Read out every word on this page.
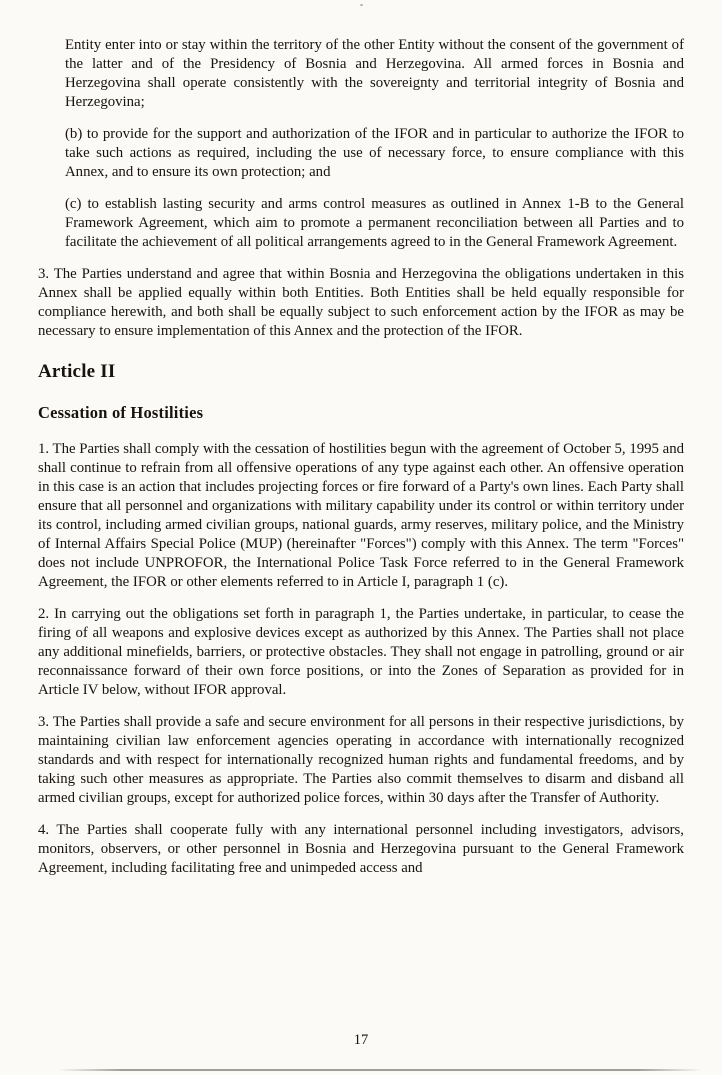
Entity enter into or stay within the territory of the other Entity without the consent of the government of the latter and of the Presidency of Bosnia and Herzegovina. All armed forces in Bosnia and Herzegovina shall operate consistently with the sovereignty and territorial integrity of Bosnia and Herzegovina;

(b) to provide for the support and authorization of the IFOR and in particular to authorize the IFOR to take such actions as required, including the use of necessary force, to ensure compliance with this Annex, and to ensure its own protection; and

(c) to establish lasting security and arms control measures as outlined in Annex 1-B to the General Framework Agreement, which aim to promote a permanent reconciliation between all Parties and to facilitate the achievement of all political arrangements agreed to in the General Framework Agreement.

3. The Parties understand and agree that within Bosnia and Herzegovina the obligations undertaken in this Annex shall be applied equally within both Entities. Both Entities shall be held equally responsible for compliance herewith, and both shall be equally subject to such enforcement action by the IFOR as may be necessary to ensure implementation of this Annex and the protection of the IFOR.

Article II
Cessation of Hostilities

1. The Parties shall comply with the cessation of hostilities begun with the agreement of October 5, 1995 and shall continue to refrain from all offensive operations of any type against each other. An offensive operation in this case is an action that includes projecting forces or fire forward of a Party's own lines. Each Party shall ensure that all personnel and organizations with military capability under its control or within territory under its control, including armed civilian groups, national guards, army reserves, military police, and the Ministry of Internal Affairs Special Police (MUP) (hereinafter "Forces") comply with this Annex. The term "Forces" does not include UNPROFOR, the International Police Task Force referred to in the General Framework Agreement, the IFOR or other elements referred to in Article I, paragraph 1 (c).

2. In carrying out the obligations set forth in paragraph 1, the Parties undertake, in particular, to cease the firing of all weapons and explosive devices except as authorized by this Annex. The Parties shall not place any additional minefields, barriers, or protective obstacles. They shall not engage in patrolling, ground or air reconnaissance forward of their own force positions, or into the Zones of Separation as provided for in Article IV below, without IFOR approval.

3. The Parties shall provide a safe and secure environment for all persons in their respective jurisdictions, by maintaining civilian law enforcement agencies operating in accordance with internationally recognized standards and with respect for internationally recognized human rights and fundamental freedoms, and by taking such other measures as appropriate. The Parties also commit themselves to disarm and disband all armed civilian groups, except for authorized police forces, within 30 days after the Transfer of Authority.

4. The Parties shall cooperate fully with any international personnel including investigators, advisors, monitors, observers, or other personnel in Bosnia and Herzegovina pursuant to the General Framework Agreement, including facilitating free and unimpeded access and

17
